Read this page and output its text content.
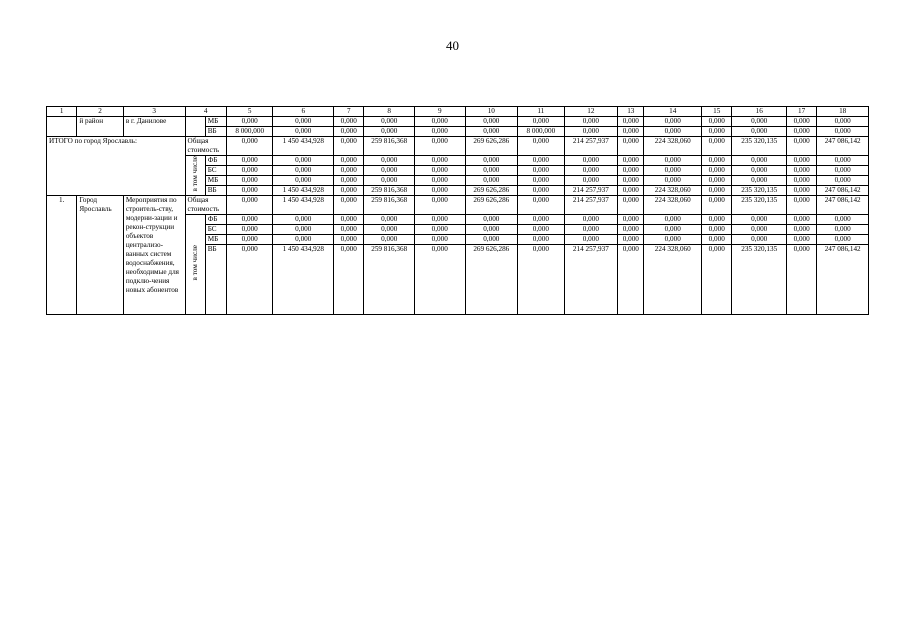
40
1	2	3	4		5	6	7	8	9	10	11	12	13	14	15	16	17	18
	й район	в г. Данилове		МБ	0,000	0,000	0,000	0,000	0,000	0,000	0,000	0,000	0,000	0,000	0,000	0,000	0,000	0,000
				ВБ	8 000,000	0,000	0,000	0,000	0,000	0,000	8 000,000	0,000	0,000	0,000	0,000	0,000	0,000	0,000
ИТОГО по город Ярославль:			Общая стоимость		0,000	1 450 434,928	0,000	259 816,368	0,000	269 626,286	0,000	214 257,937	0,000	224 328,060	0,000	235 320,135	0,000	247 086,142
			в том числе	ФБ	0,000	0,000	0,000	0,000	0,000	0,000	0,000	0,000	0,000	0,000	0,000	0,000	0,000	0,000
				БС	0,000	0,000	0,000	0,000	0,000	0,000	0,000	0,000	0,000	0,000	0,000	0,000	0,000	0,000
				МБ	0,000	0,000	0,000	0,000	0,000	0,000	0,000	0,000	0,000	0,000	0,000	0,000	0,000	0,000
				ВБ	0,000	1 450 434,928	0,000	259 816,368	0,000	269 626,286	0,000	214 257,937	0,000	224 328,060	0,000	235 320,135	0,000	247 086,142
1.	Город Ярославль	Мероприятия по строитель-ству, модерни-зации и рекон-струкции объектов централизо-ванных систем водоснабжения, необходимые для подклю-чения новых абонентов	Общая стоимость		0,000	1 450 434,928	0,000	259 816,368	0,000	269 626,286	0,000	214 257,937	0,000	224 328,060	0,000	235 320,135	0,000	247 086,142
			в том числе	ФБ	0,000	0,000	0,000	0,000	0,000	0,000	0,000	0,000	0,000	0,000	0,000	0,000	0,000	0,000
				БС	0,000	0,000	0,000	0,000	0,000	0,000	0,000	0,000	0,000	0,000	0,000	0,000	0,000	0,000
				МБ	0,000	0,000	0,000	0,000	0,000	0,000	0,000	0,000	0,000	0,000	0,000	0,000	0,000	0,000
				ВБ	0,000	1 450 434,928	0,000	259 816,368	0,000	269 626,286	0,000	214 257,937	0,000	224 328,060	0,000	235 320,135	0,000	247 086,142
